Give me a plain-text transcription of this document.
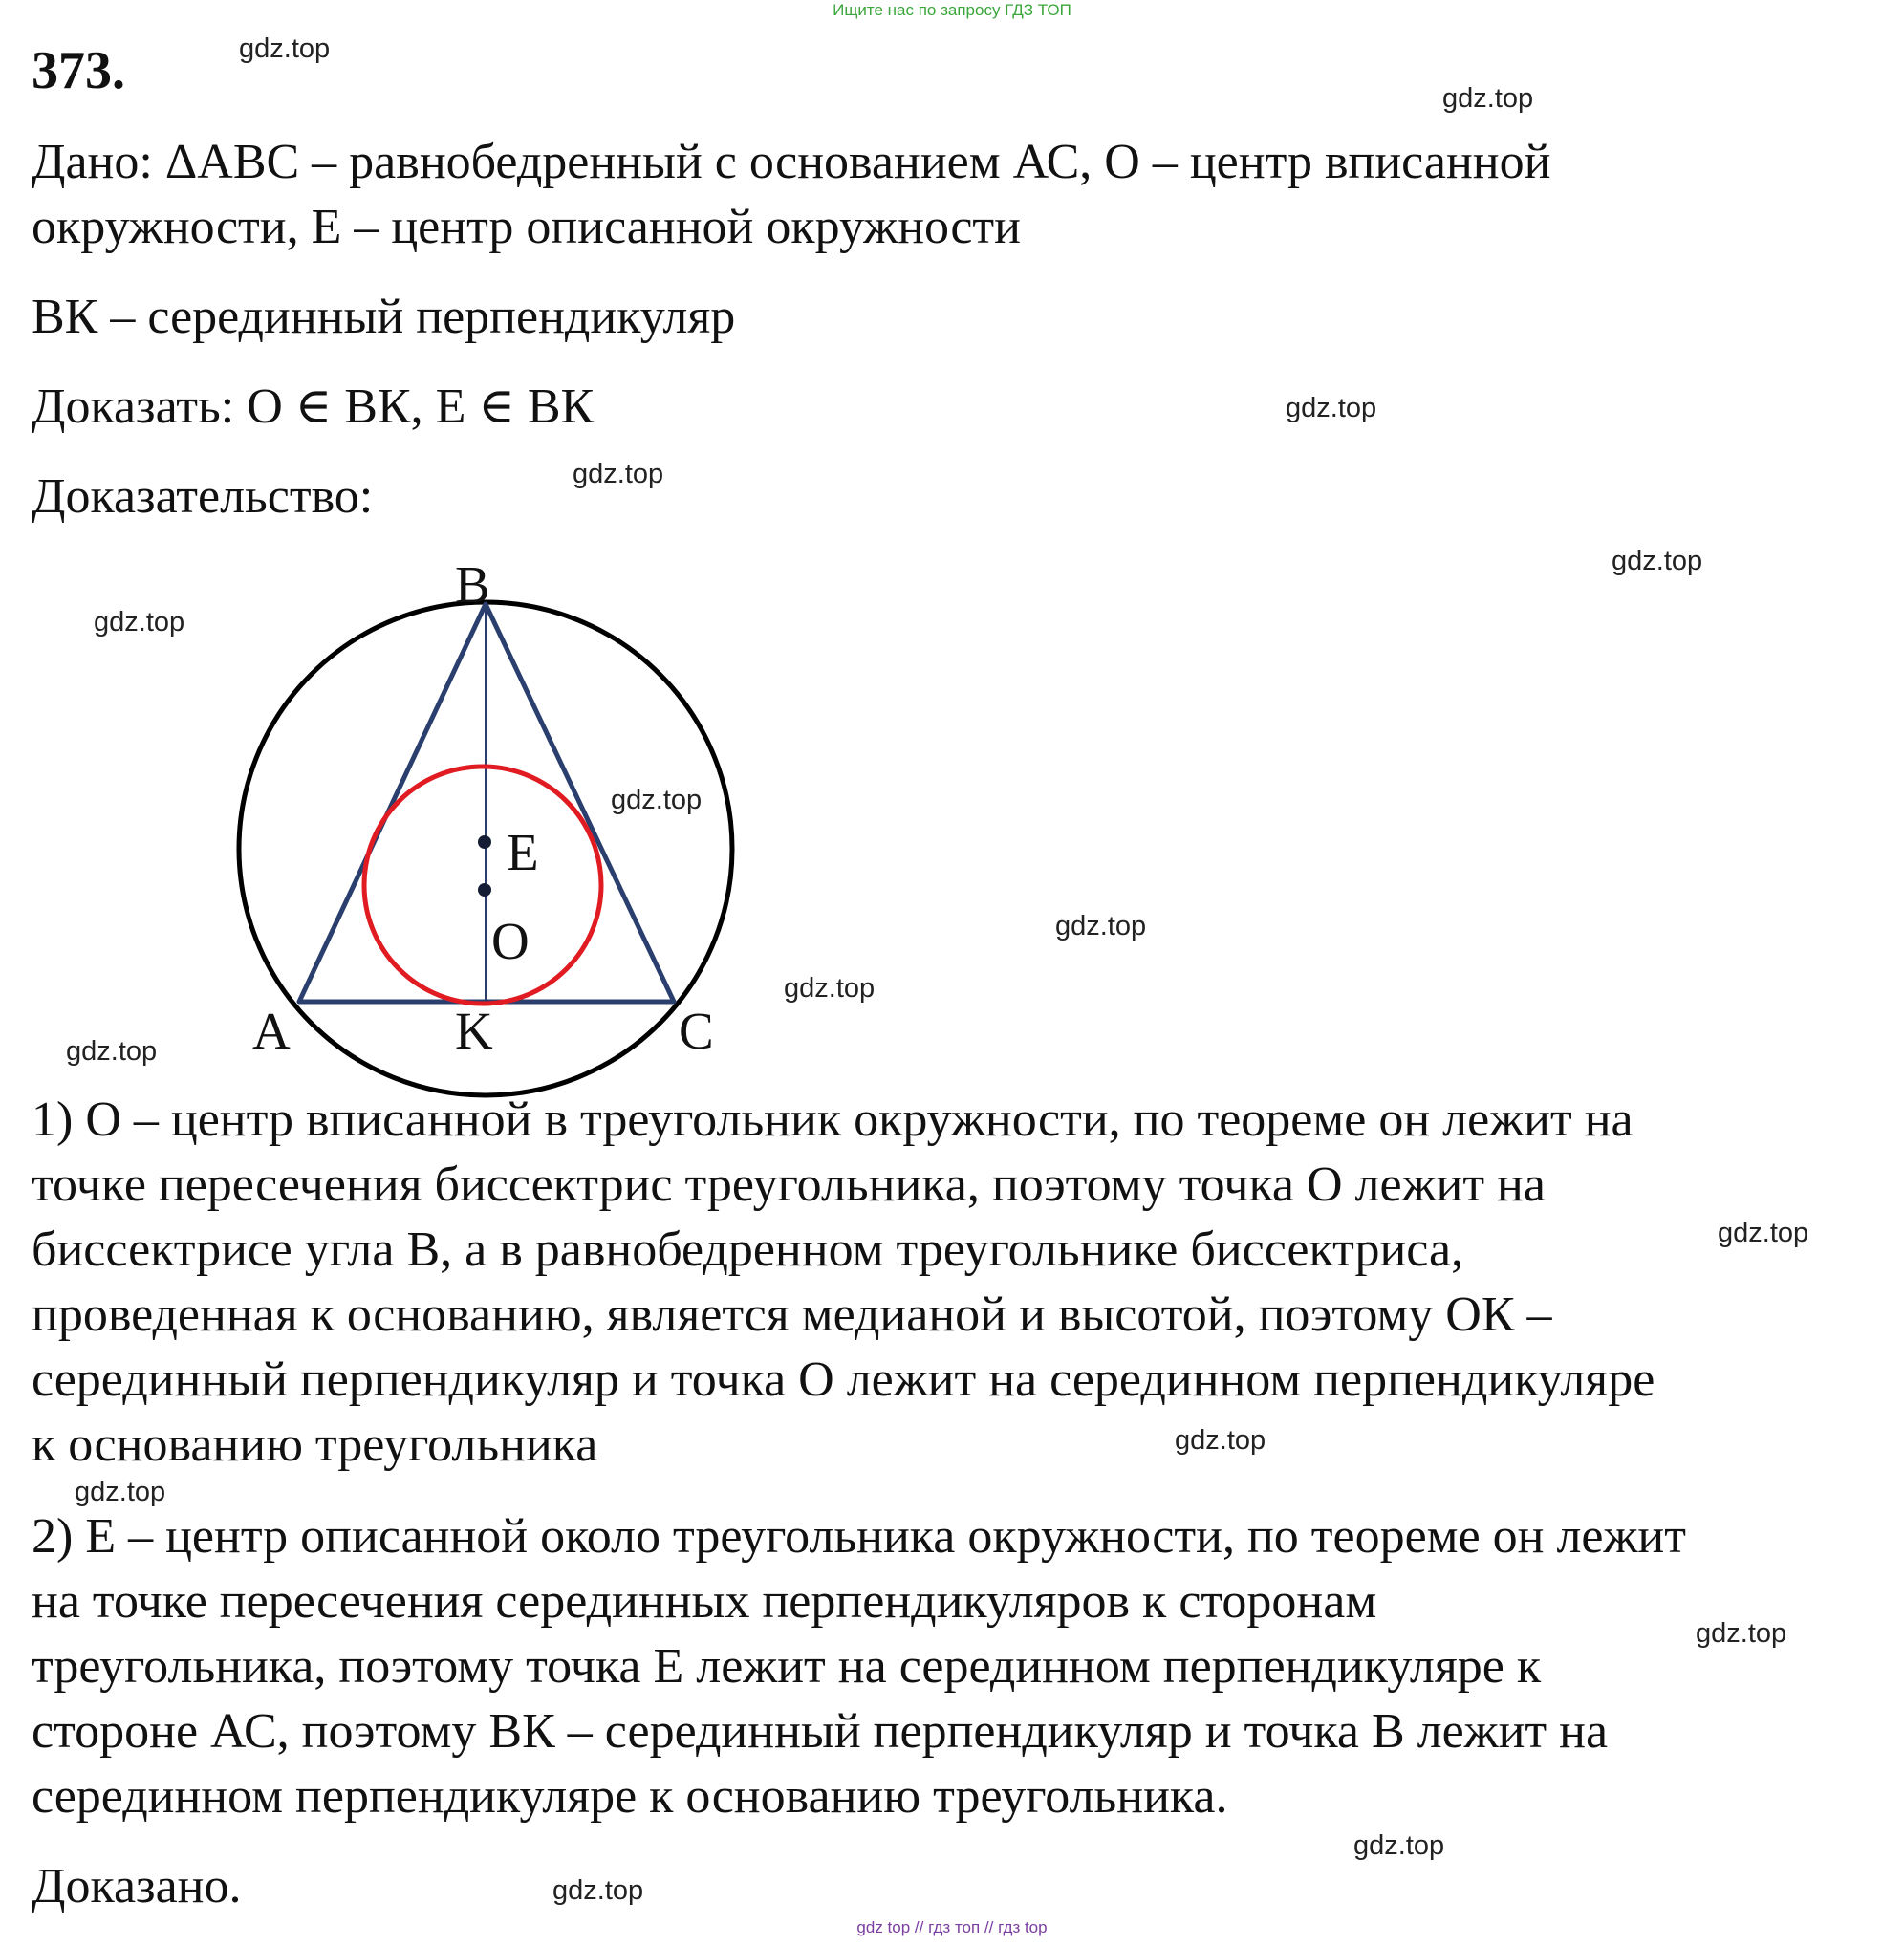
Ищите нас по запросу ГДЗ ТОП
373.
Дано: ΔАВС – равнобедренный с основанием АС, О – центр вписанной
окружности, Е – центр описанной окружности
ВК – серединный перпендикуляр
Доказать: О ∈ ВК, Е ∈ ВК
Доказательство:
B
E
O
A	K	C
1) О – центр вписанной в треугольник окружности, по теореме он лежит на
точке пересечения биссектрис треугольника, поэтому точка О лежит на
биссектрисе угла В, а в равнобедренном треугольнике биссектриса,
проведенная к основанию, является медианой и высотой, поэтому ОК –
серединный перпендикуляр и точка О лежит на серединном перпендикуляре
к основанию треугольника
2) Е – центр описанной около треугольника окружности, по теореме он лежит
на точке пересечения серединных перпендикуляров к сторонам
треугольника, поэтому точка Е лежит на серединном перпендикуляре к
стороне АС, поэтому ВК – серединный перпендикуляр и точка В лежит на
серединном перпендикуляре к основанию треугольника.
Доказано.
gdz.top
gdz.top
gdz.top
gdz.top
gdz.top
gdz.top
gdz.top
gdz.top
gdz.top
gdz.top
gdz.top
gdz.top
gdz.top
gdz.top
gdz.top
gdz.top
gdz top // гдз топ // гдз top
